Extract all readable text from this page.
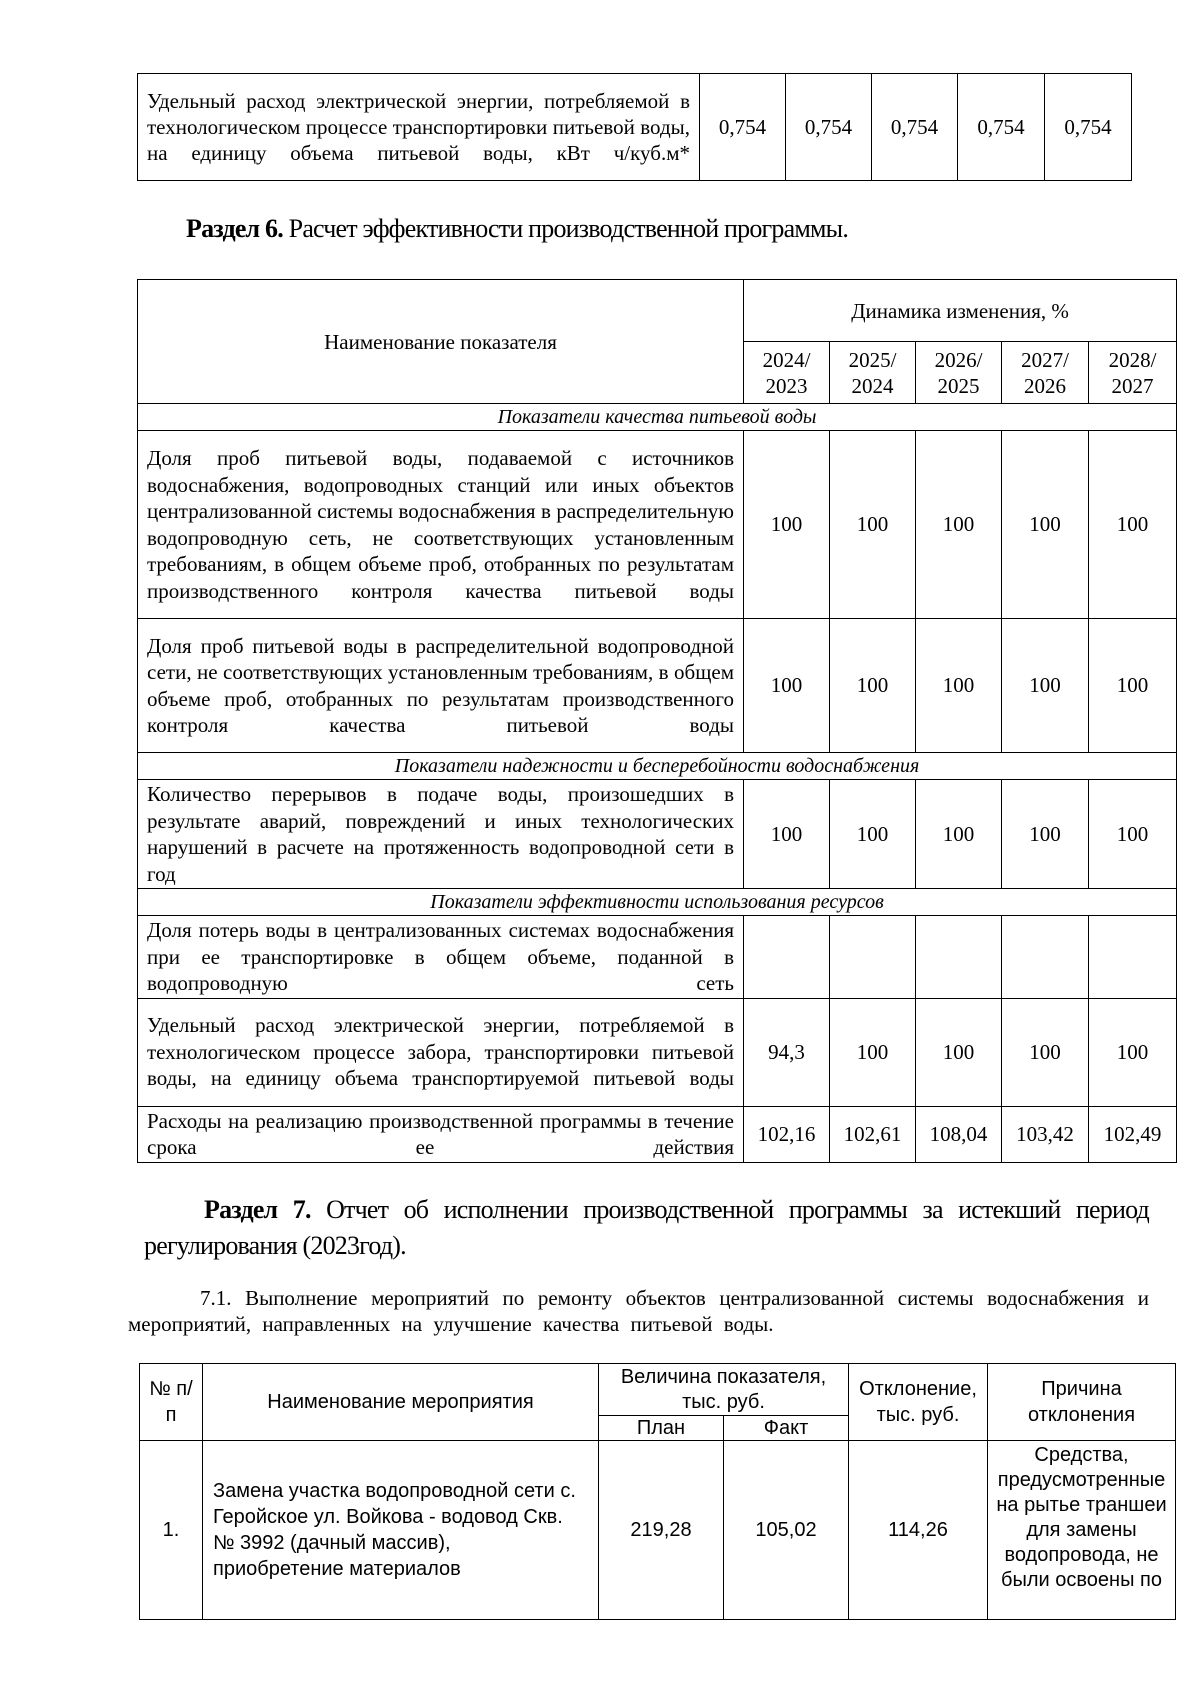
Удельный расход электрической энергии, потребляемой в технологическом процессе транспортировки питьевой воды, на единицу объема питьевой воды, кВт ч/куб.м*	0,754	0,754	0,754	0,754	0,754
Раздел 6. Расчет эффективности производственной программы.
Наименование показателя	Динамика изменения, %				
	2024/ 2023	2025/ 2024	2026/ 2025	2027/ 2026	2028/ 2027
Показатели качества питьевой воды					
Доля проб питьевой воды, подаваемой с источников водоснабжения, водопроводных станций или иных объектов централизованной системы водоснабжения в распределительную водопроводную сеть, не соответствующих установленным требованиям, в общем объеме проб, отобранных по результатам производственного контроля качества питьевой воды	100	100	100	100	100
Доля проб питьевой воды в распределительной водопроводной сети, не соответствующих установленным требованиям, в общем объеме проб, отобранных по результатам производственного контроля качества питьевой воды	100	100	100	100	100
Показатели надежности и бесперебойности водоснабжения					
Количество перерывов в подаче воды, произошедших в результате аварий, повреждений и иных технологических нарушений в расчете на протяженность водопроводной сети в год	100	100	100	100	100
Показатели эффективности использования ресурсов					
Доля потерь воды в централизованных системах водоснабжения при ее транспортировке в общем объеме, поданной в водопроводную сеть					
Удельный расход электрической энергии, потребляемой в технологическом процессе забора, транспортировки питьевой воды, на единицу объема транспортируемой питьевой воды	94,3	100	100	100	100
Расходы на реализацию производственной программы в течение срока ее действия	102,16	102,61	108,04	103,42	102,49
Раздел 7. Отчет об исполнении производственной программы за истекший период регулирования (2023год).
7.1. Выполнение мероприятий по ремонту объектов централизованной системы водоснабжения и мероприятий, направленных на улучшение качества питьевой воды.
№ п/п	Наименование мероприятия	Величина показателя, тыс. руб.		Отклонение, тыс. руб.	Причина отклонения
		План	Факт		
1.	Замена участка водопроводной сети с. Геройское ул. Войкова - водовод Скв. № 3992 (дачный массив), приобретение материалов	219,28	105,02	114,26	Средства, предусмотренные на рытье траншеи для замены водопровода, не были освоены по
